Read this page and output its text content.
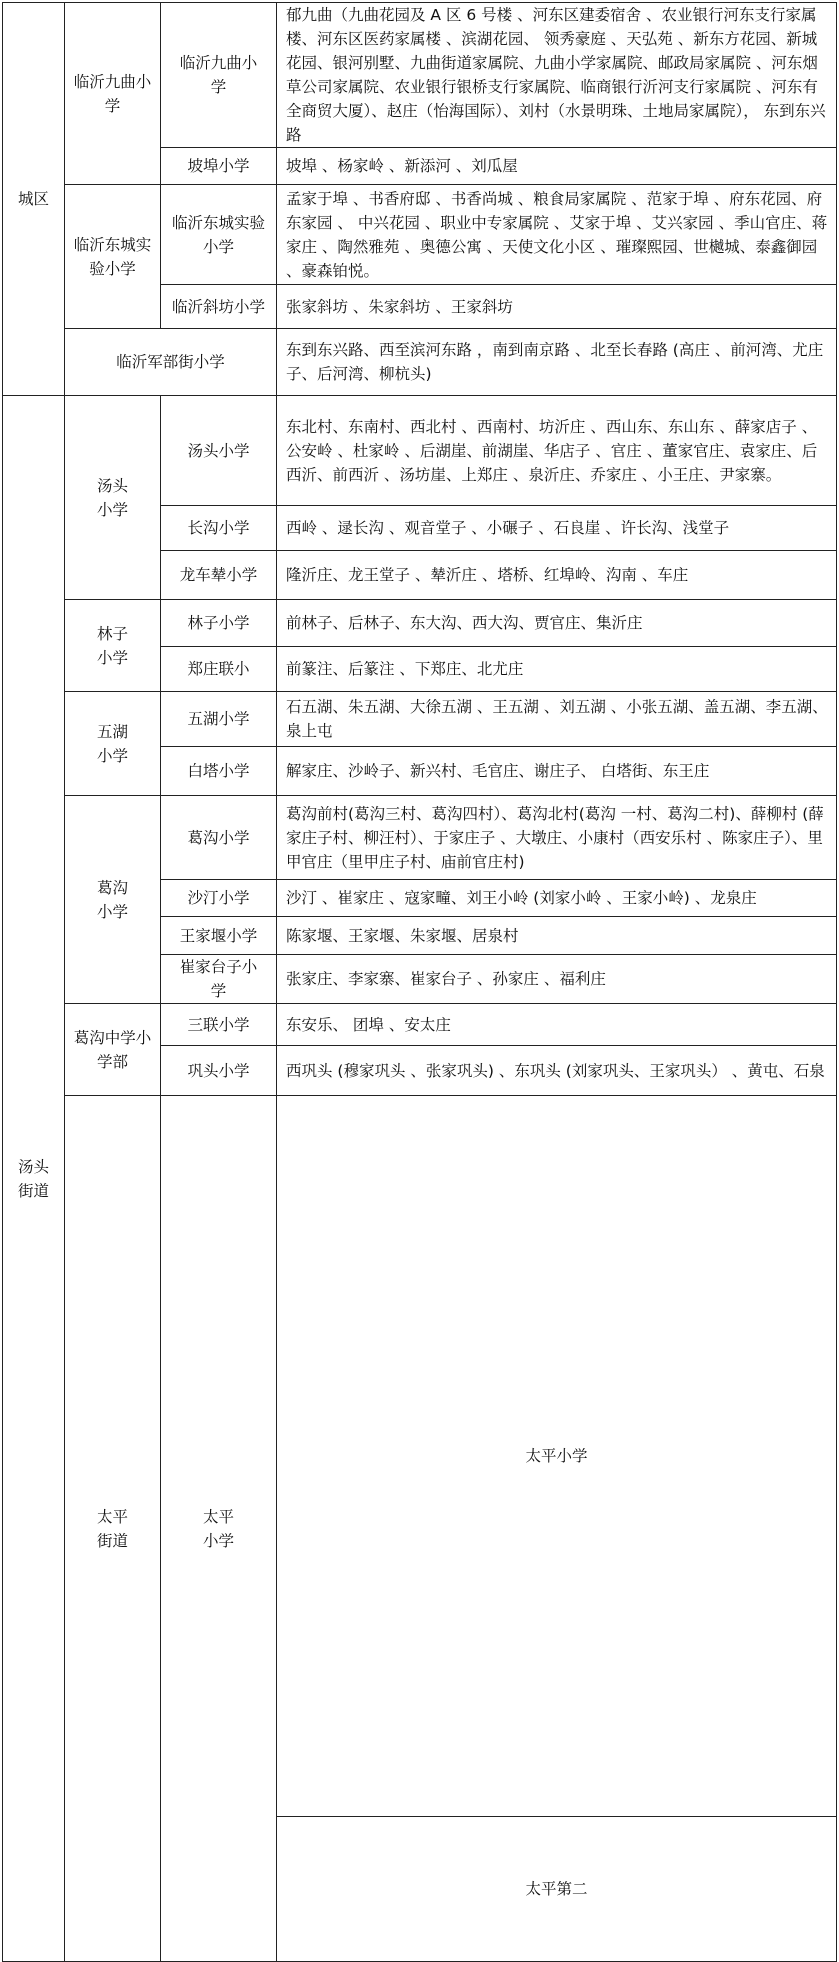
城区	临沂九曲小学	临沂九曲小学	郁九曲（九曲花园及 A 区 6 号楼 、河东区建委宿舍 、农业银行河东支行家属楼、河东区医药家属楼 、滨湖花园、 领秀豪庭 、天弘苑 、新东方花园、新城花园、银河别墅、九曲街道家属院、九曲小学家属院、邮政局家属院 、河东烟草公司家属院、农业银行银桥支行家属院、临商银行沂河支行家属院 、河东有全商贸大厦）、赵庄（怡海国际）、刘村（水景明珠、土地局家属院）， 东到东兴路	
		坡埠小学	坡埠 、杨家岭 、新添河 、刘瓜屋	
	临沂东城实验小学	临沂东城实验小学	孟家于埠 、书香府邸 、书香尚城 、粮食局家属院 、范家于埠 、府东花园、府东家园 、 中兴花园 、职业中专家属院 、艾家于埠 、艾兴家园 、季山官庄、蒋家庄 、陶然雅苑 、奥德公寓 、天使文化小区 、璀璨熙园、世樾城、泰鑫御园 、豪森铂悦。	
		临沂斜坊小学	张家斜坊 、朱家斜坊 、王家斜坊	
	临沂军部街小学		东到东兴路、西至滨河东路 ，南到南京路 、北至长春路 (高庄 、前河湾、尤庄子、后河湾、柳杭头)	
汤头街道	汤头小学	汤头小学	东北村、东南村、西北村 、西南村、坊沂庄 、西山东、东山东 、薛家店子 、公安岭 、杜家岭 、后湖崖、前湖崖、华店子 、官庄 、董家官庄、袁家庄、后西沂、前西沂 、汤坊崖、上郑庄 、泉沂庄、乔家庄 、小王庄、尹家寨。	
		长沟小学	西岭 、逯长沟 、观音堂子 、小碾子 、石良崖 、许长沟、浅堂子	
		龙车辇小学	隆沂庄、龙王堂子 、辇沂庄 、塔桥、红埠岭、沟南 、车庄	
	林子小学	林子小学	前林子、后林子、东大沟、西大沟、贾官庄、集沂庄	
		郑庄联小	前篆注、后篆注 、下郑庄、北尤庄	
	五湖小学	五湖小学	石五湖、朱五湖、大徐五湖 、王五湖 、刘五湖 、小张五湖、盖五湖、李五湖、泉上屯	
		白塔小学	解家庄、沙岭子、新兴村、毛官庄、谢庄子、 白塔街、东王庄	
	葛沟小学	葛沟小学	葛沟前村(葛沟三村、葛沟四村）、葛沟北村(葛沟 一村、葛沟二村)、薛柳村 (薛家庄子村、柳汪村）、于家庄子 、大墩庄、小康村（西安乐村 、陈家庄子）、里甲官庄（里甲庄子村、庙前官庄村)	
		沙汀小学	沙汀 、崔家庄 、寇家疃、刘王小岭 (刘家小岭 、王家小岭) 、龙泉庄	
		王家堰小学	陈家堰、王家堰、朱家堰、居泉村	
		崔家台子小学	张家庄、李家寨、崔家台子 、孙家庄 、福利庄	
	葛沟中学小学部	三联小学	东安乐、 团埠 、安太庄	
		巩头小学	西巩头 (穆家巩头 、张家巩头) 、东巩头 (刘家巩头、王家巩头） 、黄屯、石泉	
	太平街道	太平小学	太平小学	
			太平第二	
